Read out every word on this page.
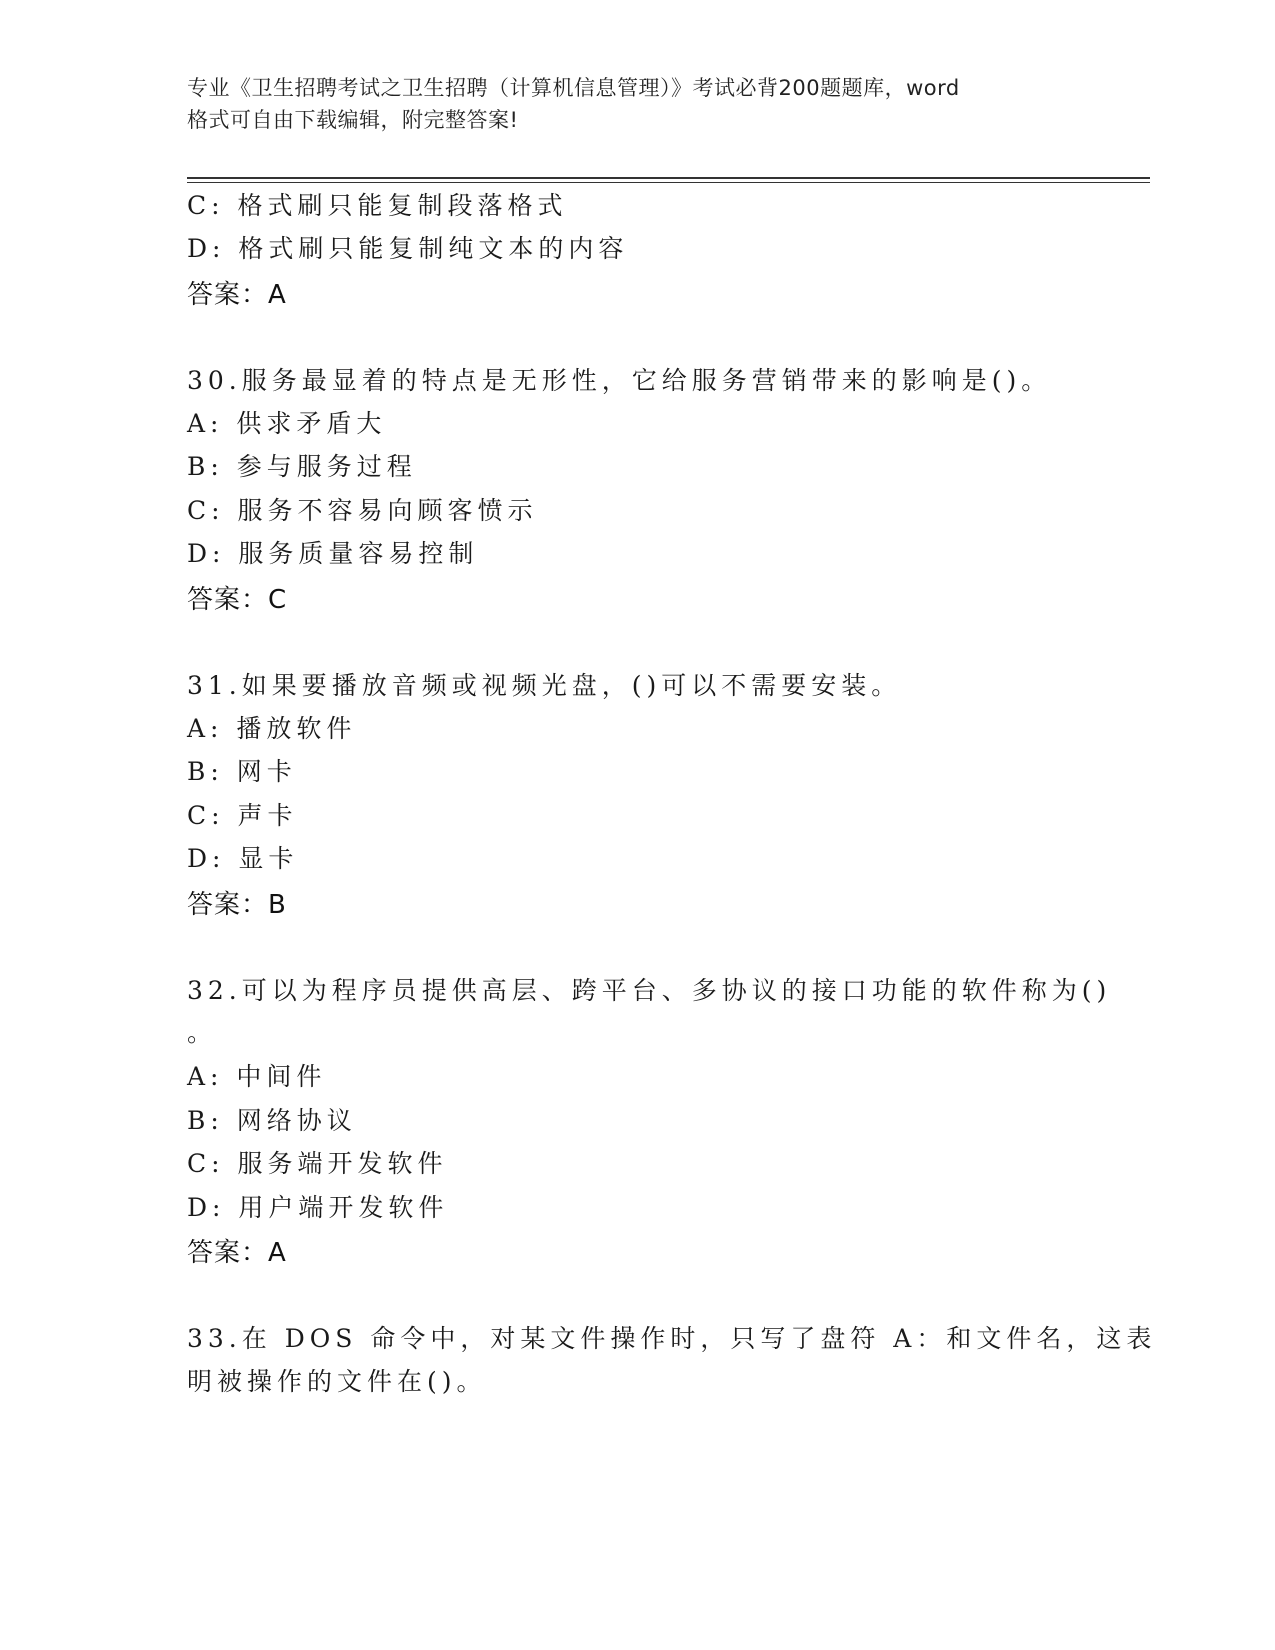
专业《卫生招聘考试之卫生招聘（计算机信息管理）》考试必背200题题库，word
格式可自由下载编辑，附完整答案!
C: 格式刷只能复制段落格式
D: 格式刷只能复制纯文本的内容
答案：A
30.服务最显着的特点是无形性，它给服务营销带来的影响是()。
A: 供求矛盾大
B: 参与服务过程
C: 服务不容易向顾客愤示
D: 服务质量容易控制
答案：C
31.如果要播放音频或视频光盘，()可以不需要安装。
A: 播放软件
B: 网卡
C: 声卡
D: 显卡
答案：B
32.可以为程序员提供高层、跨平台、多协议的接口功能的软件称为()
。
A: 中间件
B: 网络协议
C: 服务端开发软件
D: 用户端开发软件
答案：A
33.在 DOS 命令中，对某文件操作时，只写了盘符 A：和文件名，这表
明被操作的文件在()。
